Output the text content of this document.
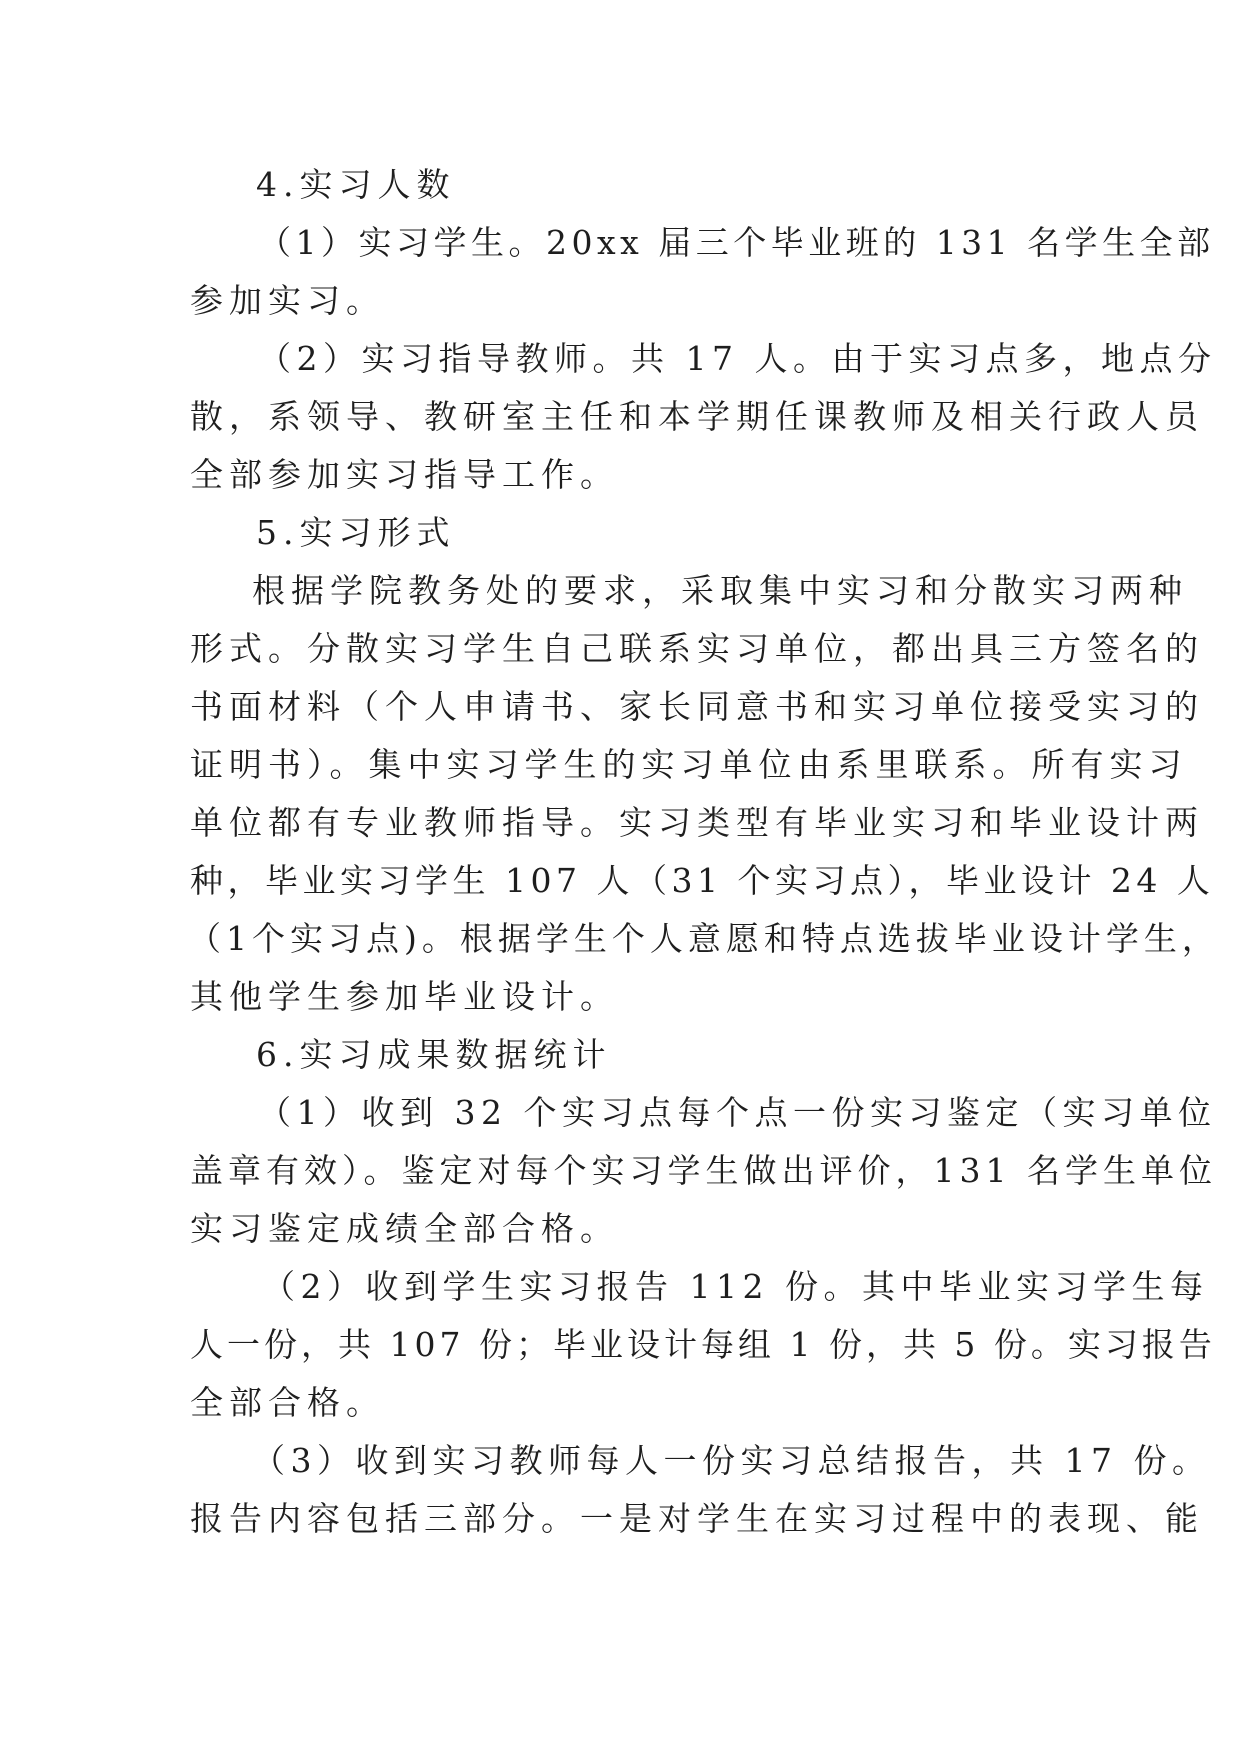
4.实习人数
（1）实习学生。20xx 届三个毕业班的 131 名学生全部
参加实习。
（2）实习指导教师。共 17 人。由于实习点多，地点分
散，系领导、教研室主任和本学期任课教师及相关行政人员
全部参加实习指导工作。
5.实习形式
根据学院教务处的要求，采取集中实习和分散实习两种
形式。分散实习学生自己联系实习单位，都出具三方签名的
书面材料（个人申请书、家长同意书和实习单位接受实习的
证明书）。集中实习学生的实习单位由系里联系。所有实习
单位都有专业教师指导。实习类型有毕业实习和毕业设计两
种，毕业实习学生 107 人（31 个实习点），毕业设计 24 人
（1个实习点)。根据学生个人意愿和特点选拔毕业设计学生，
其他学生参加毕业设计。
6.实习成果数据统计
（1）收到 32 个实习点每个点一份实习鉴定（实习单位
盖章有效）。鉴定对每个实习学生做出评价，131 名学生单位
实习鉴定成绩全部合格。
（2）收到学生实习报告 112 份。其中毕业实习学生每
人一份，共 107 份；毕业设计每组 1 份，共 5 份。实习报告
全部合格。
（3）收到实习教师每人一份实习总结报告，共 17 份。
报告内容包括三部分。一是对学生在实习过程中的表现、能
